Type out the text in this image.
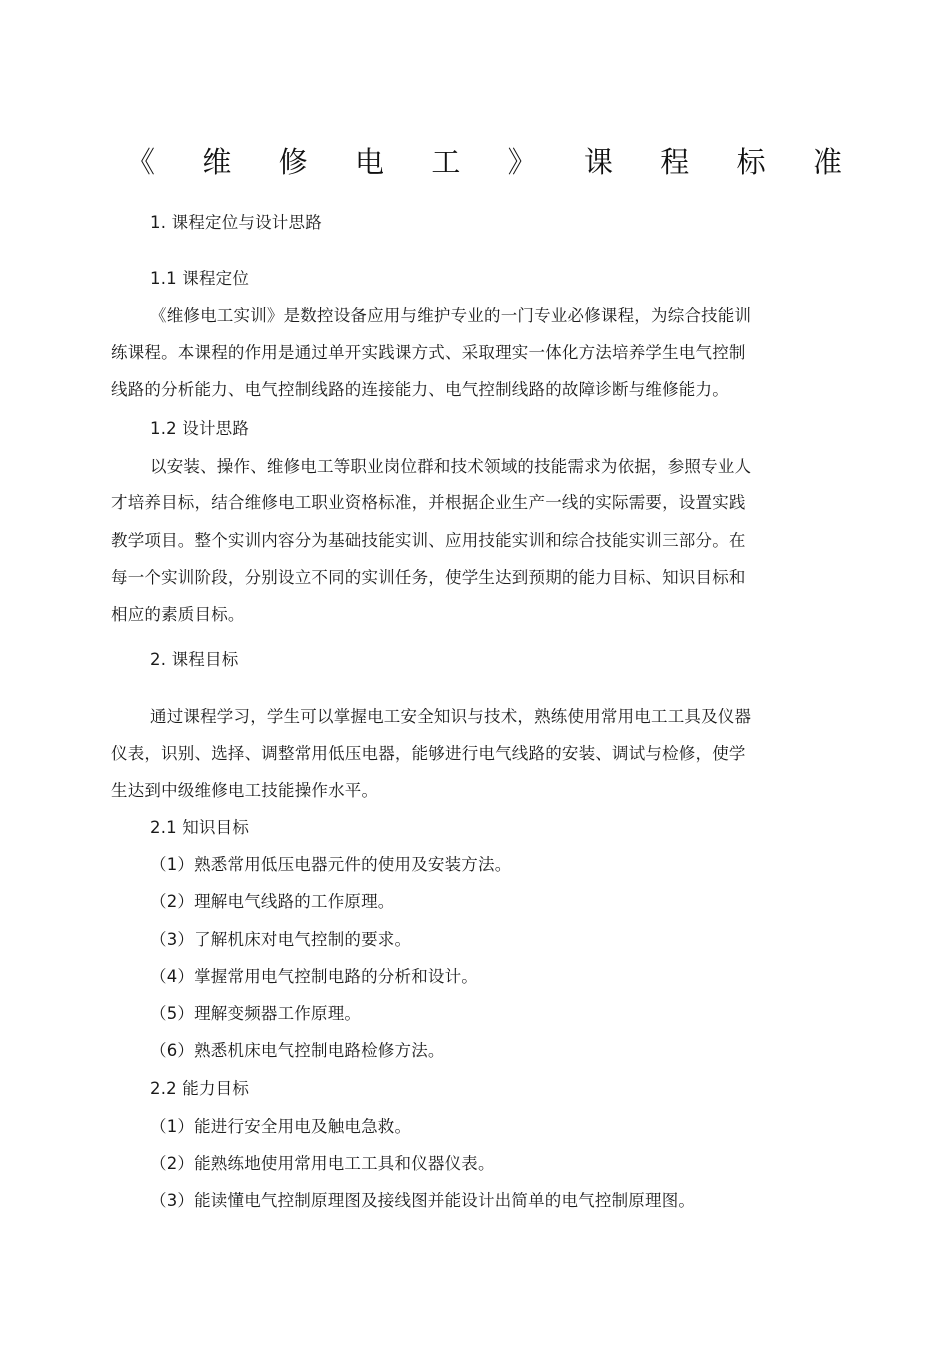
《 维 修 电 工 》 课 程 标 准
1. 课程定位与设计思路
1.1 课程定位
《维修电工实训》是数控设备应用与维护专业的一门专业必修课程，为综合技能训
练课程。本课程的作用是通过单开实践课方式、采取理实一体化方法培养学生电气控制
线路的分析能力、电气控制线路的连接能力、电气控制线路的故障诊断与维修能力。
1.2 设计思路
以安装、操作、维修电工等职业岗位群和技术领域的技能需求为依据，参照专业人
才培养目标，结合维修电工职业资格标准，并根据企业生产一线的实际需要，设置实践
教学项目。整个实训内容分为基础技能实训、应用技能实训和综合技能实训三部分。在
每一个实训阶段，分别设立不同的实训任务，使学生达到预期的能力目标、知识目标和
相应的素质目标。
2. 课程目标
通过课程学习，学生可以掌握电工安全知识与技术，熟练使用常用电工工具及仪器
仪表，识别、选择、调整常用低压电器，能够进行电气线路的安装、调试与检修，使学
生达到中级维修电工技能操作水平。
2.1 知识目标
（1）熟悉常用低压电器元件的使用及安装方法。
（2）理解电气线路的工作原理。
（3）了解机床对电气控制的要求。
（4）掌握常用电气控制电路的分析和设计。
（5）理解变频器工作原理。
（6）熟悉机床电气控制电路检修方法。
2.2 能力目标
（1）能进行安全用电及触电急救。
（2）能熟练地使用常用电工工具和仪器仪表。
（3）能读懂电气控制原理图及接线图并能设计出简单的电气控制原理图。
